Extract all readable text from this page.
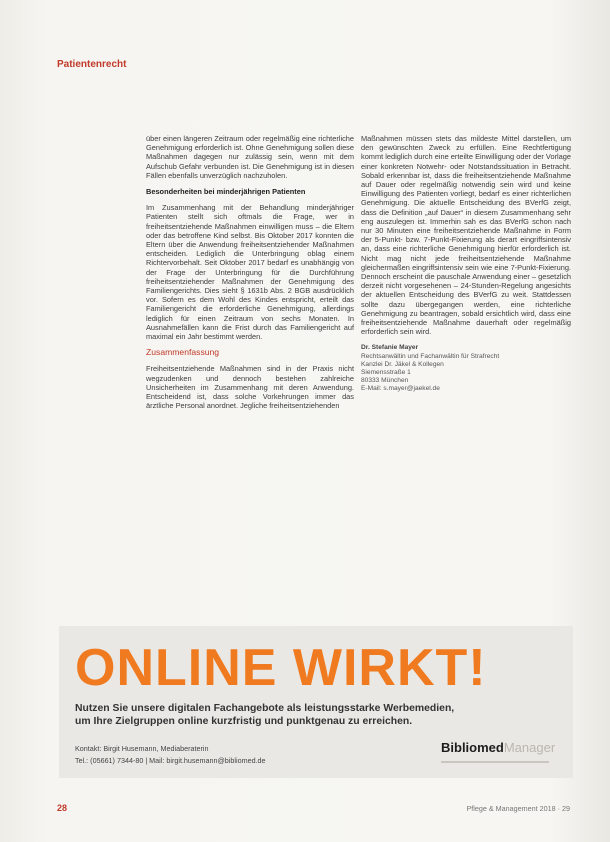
Patientenrecht

über einen längeren Zeitraum oder regelmäßig eine richterliche Genehmigung erforderlich ist. Ohne Genehmigung sollen diese Maßnahmen dagegen nur zulässig sein, wenn mit dem Aufschub Gefahr verbunden ist. Die Genehmigung ist in diesen Fällen ebenfalls unverzüglich nachzuholen.

Besonderheiten bei minderjährigen Patienten

Im Zusammenhang mit der Behandlung minderjähriger Patienten stellt sich oftmals die Frage, wer in freiheitsentziehende Maßnahmen einwilligen muss – die Eltern oder das betroffene Kind selbst. Bis Oktober 2017 konnten die Eltern über die Anwendung freiheitsentziehender Maßnahmen entscheiden. Lediglich die Unterbringung oblag einem Richtervorbehalt. Seit Oktober 2017 bedarf es unabhängig von der Frage der Unterbringung für die Durchführung freiheitsentziehender Maßnahmen der Genehmigung des Familiengerichts. Dies sieht § 1631b Abs. 2 BGB ausdrücklich vor. Sofern es dem Wohl des Kindes entspricht, erteilt das Familiengericht die erforderliche Genehmigung, allerdings lediglich für einen Zeitraum von sechs Monaten. In Ausnahmefällen kann die Frist durch das Familiengericht auf maximal ein Jahr bestimmt werden.

Zusammenfassung

Freiheitsentziehende Maßnahmen sind in der Praxis nicht wegzudenken und dennoch bestehen zahlreiche Unsicherheiten im Zusammenhang mit deren Anwendung. Entscheidend ist, dass solche Vorkehrungen immer das ärztliche Personal anordnet. Jegliche freiheitsentziehenden

Maßnahmen müssen stets das mildeste Mittel darstellen, um den gewünschten Zweck zu erfüllen. Eine Rechtfertigung kommt lediglich durch eine erteilte Einwilligung oder der Vorlage einer konkreten Notwehr- oder Notstandssituation in Betracht. Sobald erkennbar ist, dass die freiheitsentziehende Maßnahme auf Dauer oder regelmäßig notwendig sein wird und keine Einwilligung des Patienten vorliegt, bedarf es einer richterlichen Genehmigung. Die aktuelle Entscheidung des BVerfG zeigt, dass die Definition „auf Dauer“ in diesem Zusammenhang sehr eng auszulegen ist. Immerhin sah es das BVerfG schon nach nur 30 Minuten eine freiheitsentziehende Maßnahme in Form der 5-Punkt- bzw. 7-Punkt-Fixierung als derart eingriffsintensiv an, dass eine richterliche Genehmigung hierfür erforderlich ist. Nicht mag nicht jede freiheitsentziehende Maßnahme gleichermaßen eingriffsintensiv sein wie eine 7-Punkt-Fixierung. Dennoch erscheint die pauschale Anwendung einer – gesetzlich derzeit nicht vorgesehenen – 24-Stunden-Regelung angesichts der aktuellen Entscheidung des BVerfG zu weit. Stattdessen sollte dazu übergegangen werden, eine richterliche Genehmigung zu beantragen, sobald ersichtlich wird, dass eine freiheitsentziehende Maßnahme dauerhaft oder regelmäßig erforderlich sein wird.

Dr. Stefanie Mayer
Rechtsanwältin und Fachanwältin für Strafrecht
Kanzlei Dr. Jäkel & Kollegen
Siemensstraße 1
80333 München
E-Mail: s.mayer@jaekel.de
ONLINE WIRKT!
Nutzen Sie unsere digitalen Fachangebote als leistungsstarke Werbemedien,
um Ihre Zielgruppen online kurzfristig und punktgenau zu erreichen.
Kontakt: Birgit Husemann, Mediaberaterin
Tel.: (05661) 7344-80 | Mail: birgit.husemann@bibliomed.de
BibliomedManager
28	Pflege & Management 2018 · 29
